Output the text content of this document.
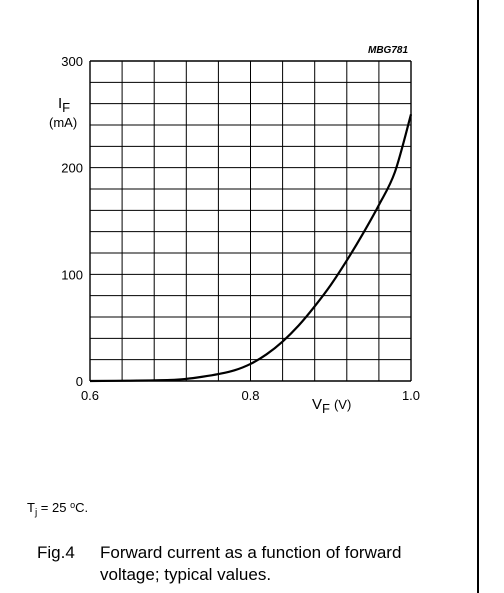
0.6	0.8	1.0
0
100
200
300
MBG781
$I_F$
(mA)
$V_F$ $^{(V)}$
$T_j = 25$ $^o$C.
Fig.4 Forward current as a function of forward voltage; typical values.
